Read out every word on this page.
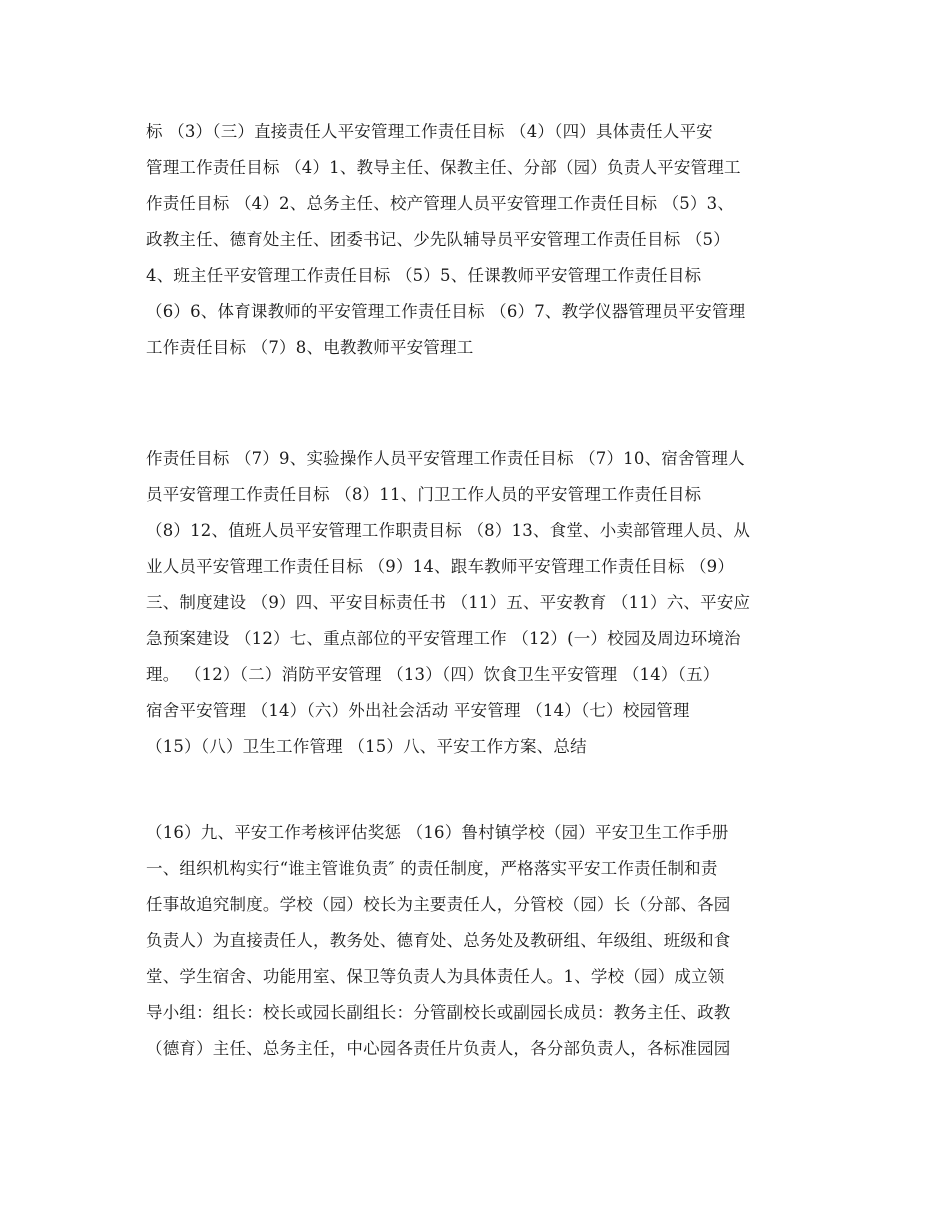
标 （3）（三）直接责任人平安管理工作责任目标 （4）（四）具体责任人平安
管理工作责任目标 （4）1、教导主任、保教主任、分部（园）负责人平安管理工
作责任目标 （4）2、总务主任、校产管理人员平安管理工作责任目标 （5）3、
政教主任、德育处主任、团委书记、少先队辅导员平安管理工作责任目标 （5）
4、班主任平安管理工作责任目标 （5）5、任课教师平安管理工作责任目标
（6）6、体育课教师的平安管理工作责任目标 （6）7、教学仪器管理员平安管理
工作责任目标 （7）8、电教教师平安管理工
作责任目标 （7）9、实验操作人员平安管理工作责任目标 （7）10、宿舍管理人
员平安管理工作责任目标 （8）11、门卫工作人员的平安管理工作责任目标
（8）12、值班人员平安管理工作职责目标 （8）13、食堂、小卖部管理人员、从
业人员平安管理工作责任目标 （9）14、跟车教师平安管理工作责任目标 （9）
三、制度建设 （9）四、平安目标责任书 （11）五、平安教育 （11）六、平安应
急预案建设 （12）七、重点部位的平安管理工作 （12）(一）校园及周边环境治
理。 （12）（二）消防平安管理 （13）（四）饮食卫生平安管理 （14）（五）
宿舍平安管理 （14）（六）外出社会活动 平安管理 （14）（七）校园管理
（15）（八）卫生工作管理 （15）八、平安工作方案、总结
（16）九、平安工作考核评估奖惩 （16）鲁村镇学校（园）平安卫生工作手册
一、组织机构实行“谁主管谁负责″ 的责任制度，严格落实平安工作责任制和责
任事故追究制度。学校（园）校长为主要责任人，分管校（园）长（分部、各园
负责人）为直接责任人，教务处、德育处、总务处及教研组、年级组、班级和食
堂、学生宿舍、功能用室、保卫等负责人为具体责任人。1、学校（园）成立领
导小组：组长：校长或园长副组长：分管副校长或副园长成员：教务主任、政教
（德育）主任、总务主任，中心园各责任片负责人，各分部负责人，各标准园园
